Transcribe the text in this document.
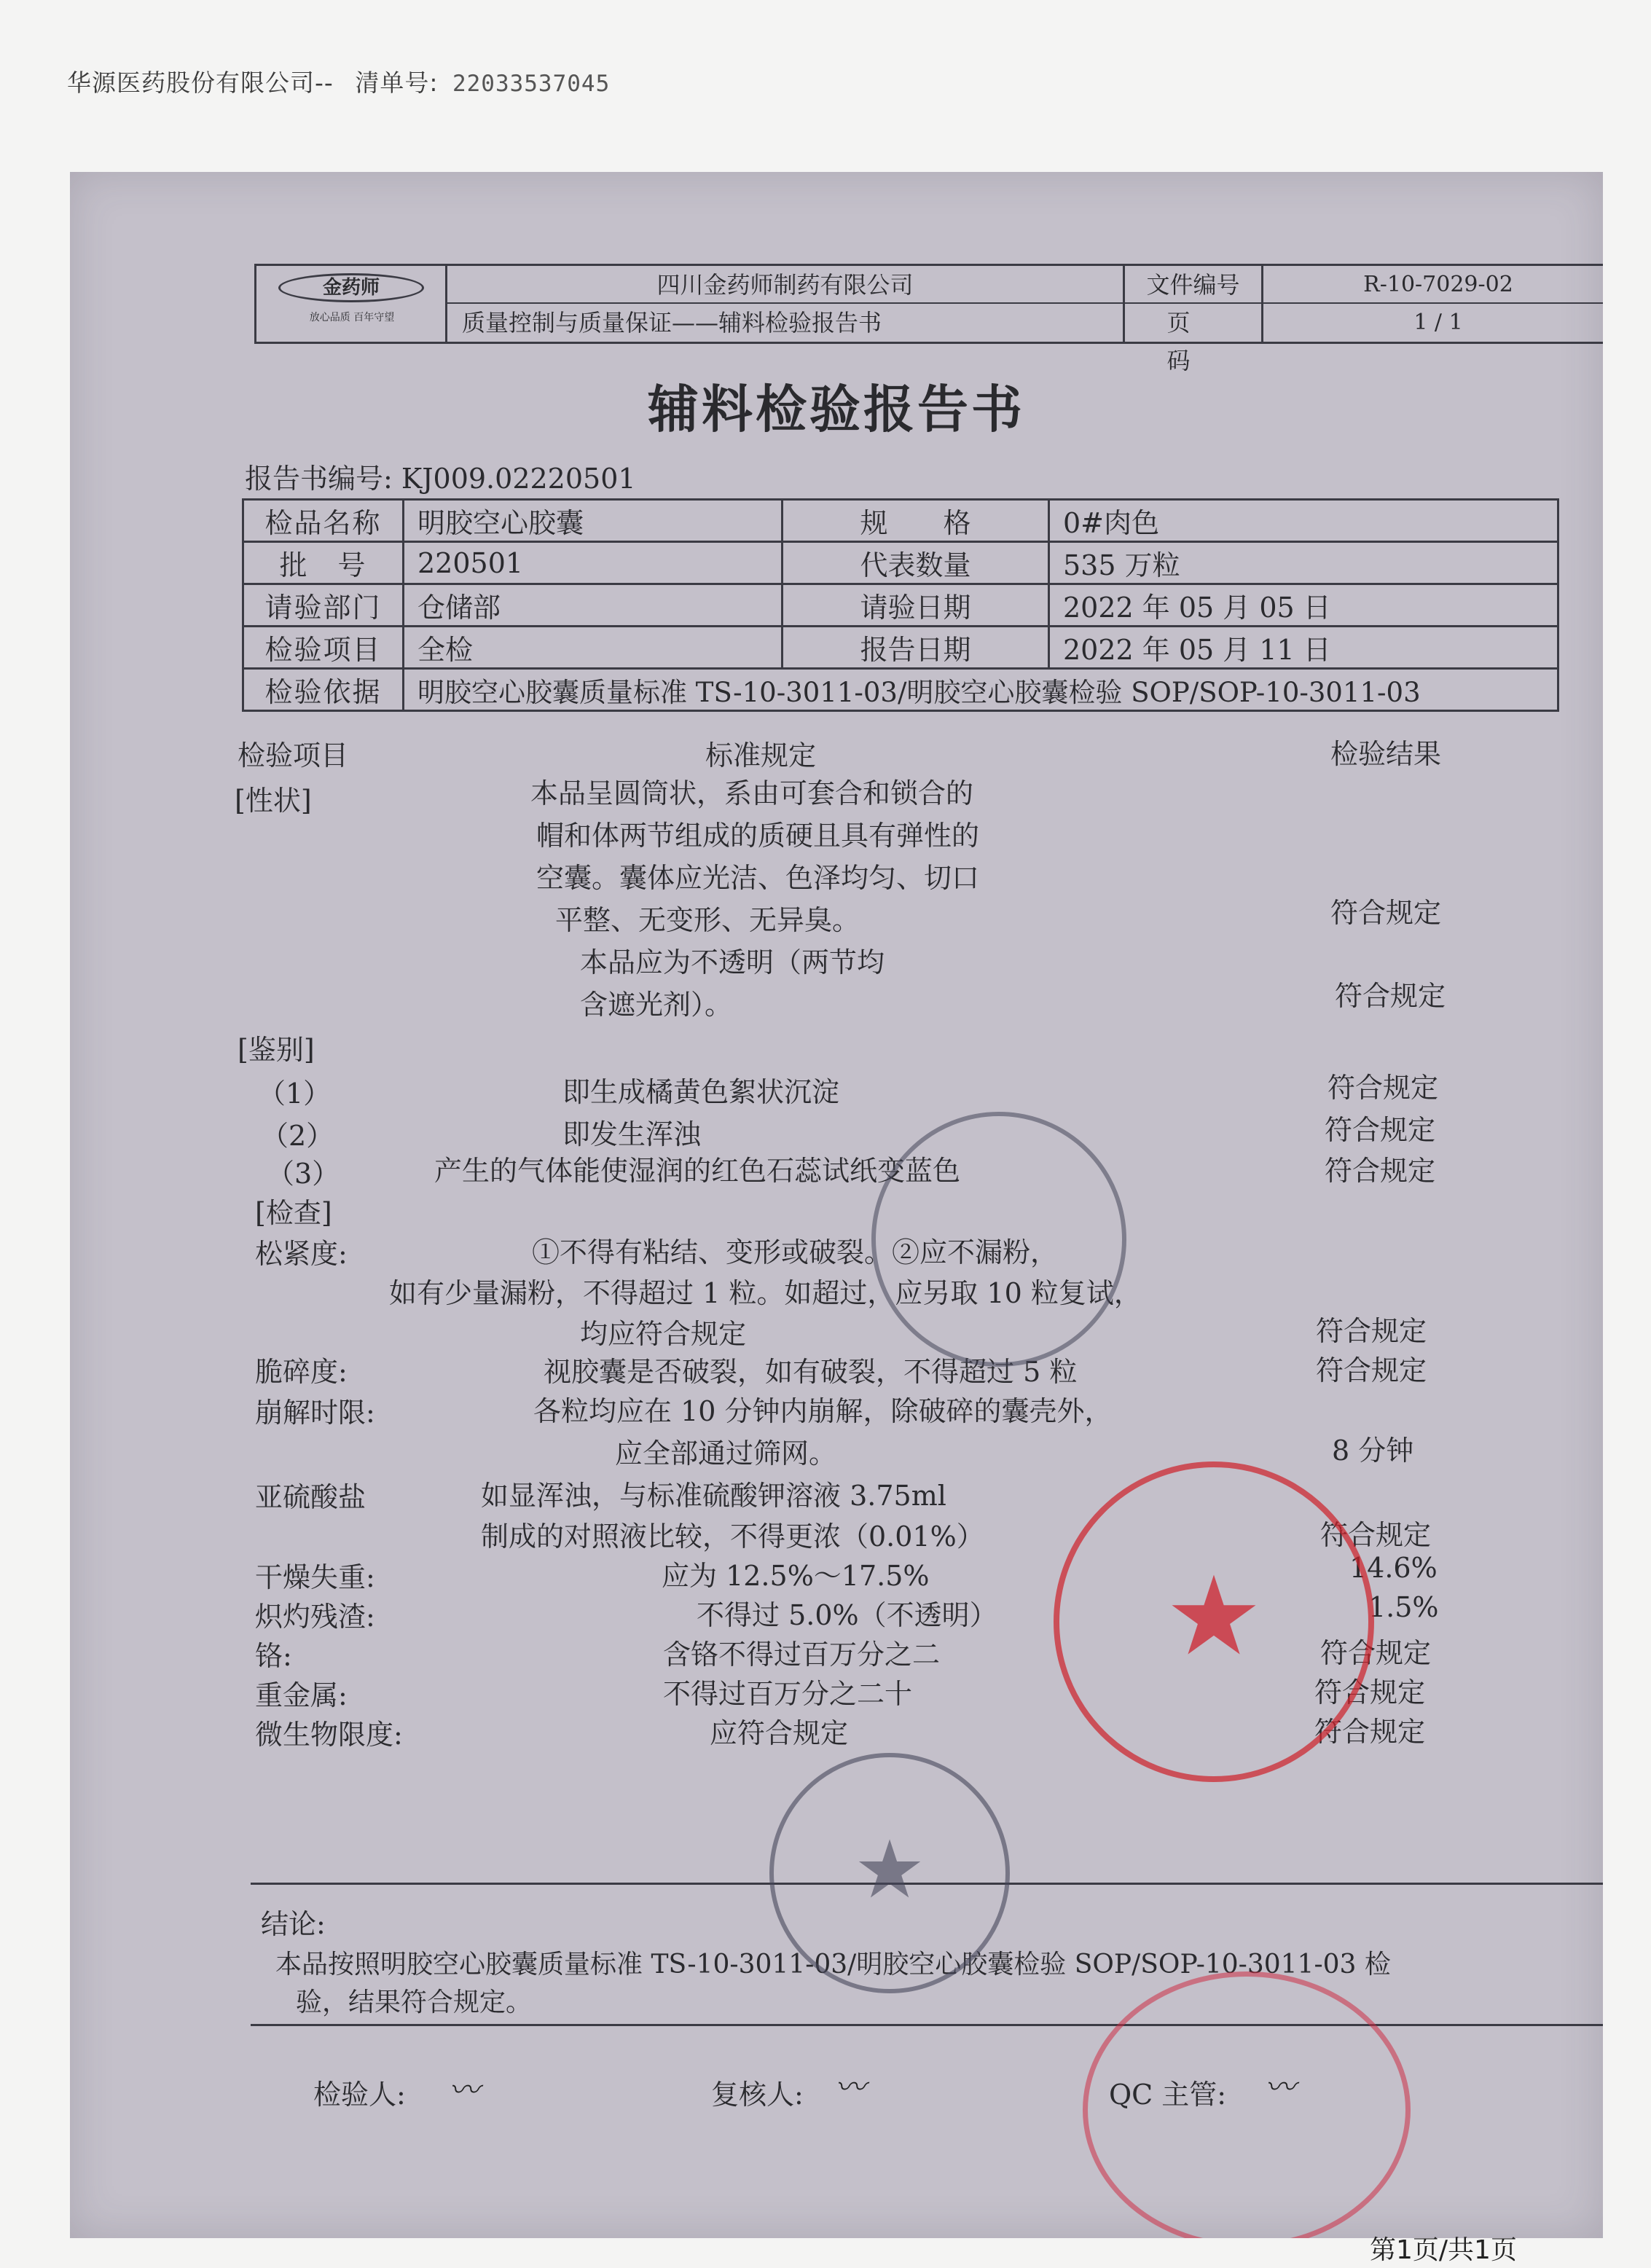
华源医药股份有限公司-- 清单号: 22033537045
金药师
放心品质 百年守望
四川金药师制药有限公司
质量控制与质量保证——辅料检验报告书
文件编号
页　码
R-10-7029-02
1 / 1
辅料检验报告书
报告书编号: KJ009.02220501
检品名称	明胶空心胶囊	规　　格	0#肉色
批　号	220501	代表数量	535 万粒
请验部门	仓储部	请验日期	2022 年 05 月 05 日
检验项目	全检	报告日期	2022 年 05 月 11 日
检验依据	明胶空心胶囊质量标准 TS-10-3011-03/明胶空心胶囊检验 SOP/SOP-10-3011-03		
检验项目	标准规定	检验结果
[性状]	本品呈圆筒状，系由可套合和锁合的
帽和体两节组成的质硬且具有弹性的
空囊。囊体应光洁、色泽均匀、切口
平整、无变形、无异臭。	符合规定
本品应为不透明（两节均
含遮光剂）。	符合规定
[鉴别]
（1）	即生成橘黄色絮状沉淀	符合规定
（2）	即发生浑浊	符合规定
（3）	产生的气体能使湿润的红色石蕊试纸变蓝色	符合规定
[检查]
松紧度:	①不得有粘结、变形或破裂。②应不漏粉，
如有少量漏粉，不得超过 1 粒。如超过，应另取 10 粒复试，
均应符合规定	符合规定
脆碎度:	视胶囊是否破裂，如有破裂，不得超过 5 粒	符合规定
崩解时限:	各粒均应在 10 分钟内崩解，除破碎的囊壳外，
应全部通过筛网。	8 分钟
亚硫酸盐	如显浑浊，与标准硫酸钾溶液 3.75ml
制成的对照液比较，不得更浓（0.01%）	符合规定
干燥失重:	应为 12.5%～17.5%	14.6%
炽灼残渣:	不得过 5.0%（不透明）	1.5%
铬:	含铬不得过百万分之二	符合规定
重金属:	不得过百万分之二十	符合规定
微生物限度:	应符合规定	符合规定
结论:
本品按照明胶空心胶囊质量标准 TS-10-3011-03/明胶空心胶囊检验 SOP/SOP-10-3011-03 检
验，结果符合规定。
检验人: 〰	复核人: 〰	QC 主管: 〰
★
★
第1页/共1页
